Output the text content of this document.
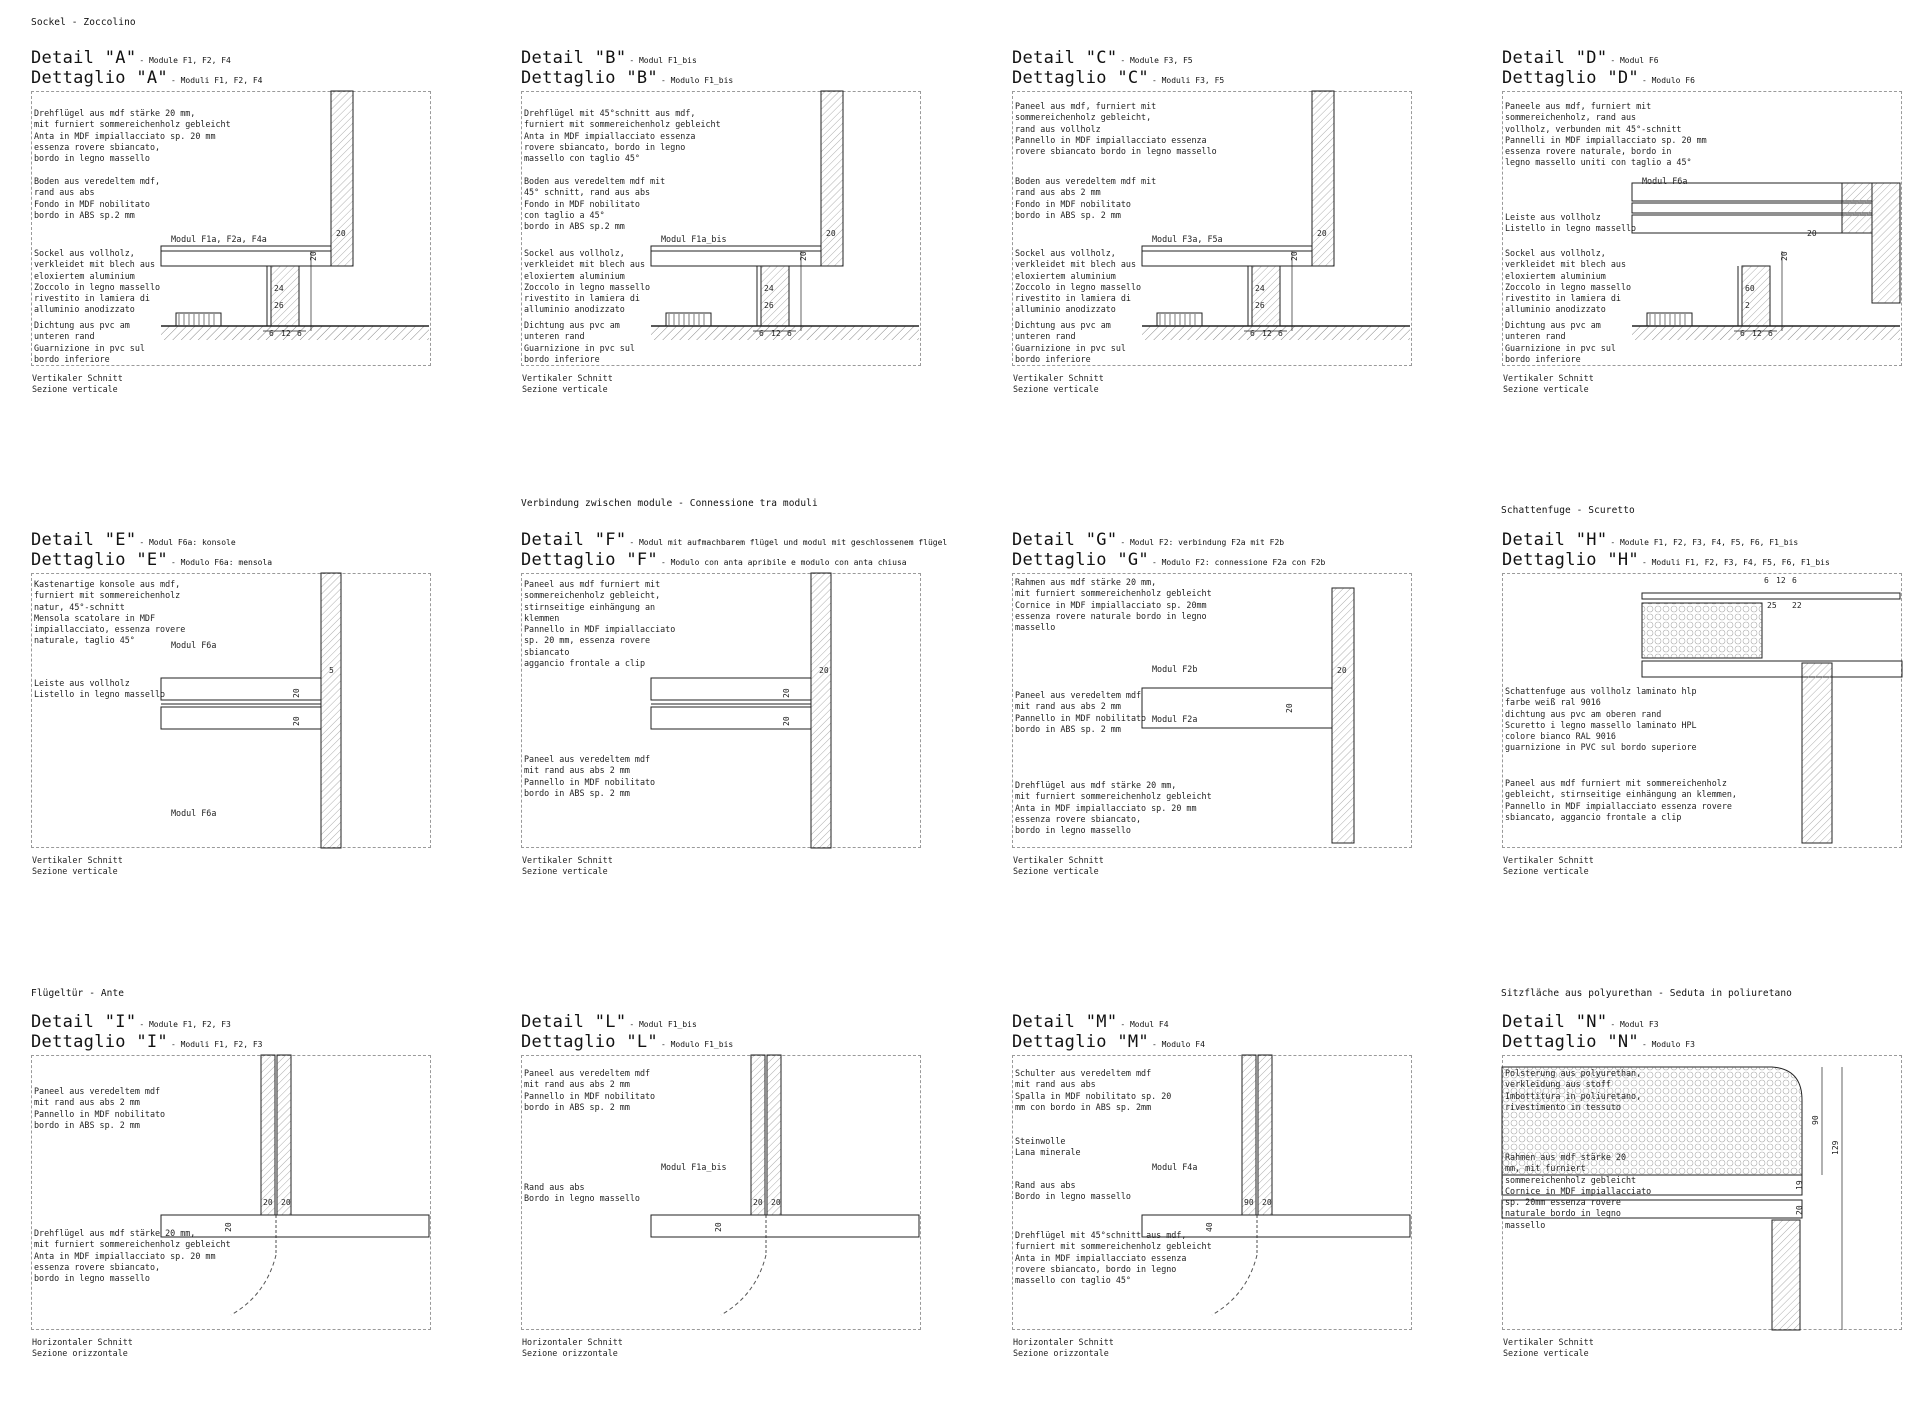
Sockel - Zoccolino
Verbindung zwischen module - Connessione tra moduli
Schattenfuge - Scuretto
Flügeltür - Ante	Sitzfläche aus polyurethan - Seduta in poliuretano
Detail "A" - Module F1, F2, F4
Dettaglio "A" - Moduli F1, F2, F4
20
20
24
26
6 12 6
Drehflügel aus mdf stärke 20 mm,
mit furniert sommereichenholz gebleicht
Anta in MDF impiallacciato sp. 20 mm
essenza rovere sbiancato,
bordo in legno massello
Boden aus veredeltem mdf,
rand aus abs
Fondo in MDF nobilitato
bordo in ABS sp.2 mm
Sockel aus vollholz,
verkleidet mit blech aus
eloxiertem aluminium
Zoccolo in legno massello
rivestito in lamiera di
alluminio anodizzato
Dichtung aus pvc am
unteren rand
Guarnizione in pvc sul
bordo inferiore
Modul F1a, F2a, F4a
Vertikaler Schnitt
Sezione verticale
Detail "B" - Modul F1_bis
Dettaglio "B" - Modulo F1_bis
20
20
24
26
6 12 6
Drehflügel mit 45°schnitt aus mdf,
furniert mit sommereichenholz gebleicht
Anta in MDF impiallacciato essenza
rovere sbiancato, bordo in legno
massello con taglio 45°
Boden aus veredeltem mdf mit
45° schnitt, rand aus abs
Fondo in MDF nobilitato
con taglio a 45°
bordo in ABS sp.2 mm
Sockel aus vollholz,
verkleidet mit blech aus
eloxiertem aluminium
Zoccolo in legno massello
rivestito in lamiera di
alluminio anodizzato
Dichtung aus pvc am
unteren rand
Guarnizione in pvc sul
bordo inferiore
Modul F1a_bis
Vertikaler Schnitt
Sezione verticale
Detail "C" - Module F3, F5
Dettaglio "C" - Moduli F3, F5
20
20
24
26
6 12 6
Paneel aus mdf, furniert mit
sommereichenholz gebleicht,
rand aus vollholz
Pannello in MDF impiallacciato essenza
rovere sbiancato bordo in legno massello
Boden aus veredeltem mdf mit
rand aus abs 2 mm
Fondo in MDF nobilitato
bordo in ABS sp. 2 mm
Sockel aus vollholz,
verkleidet mit blech aus
eloxiertem aluminium
Zoccolo in legno massello
rivestito in lamiera di
alluminio anodizzato
Dichtung aus pvc am
unteren rand
Guarnizione in pvc sul
bordo inferiore
Modul F3a, F5a
Vertikaler Schnitt
Sezione verticale
Detail "D" - Modul F6
Dettaglio "D" - Modulo F6
20
20
60
2
6 12 6
Paneele aus mdf, furniert mit
sommereichenholz, rand aus
vollholz, verbunden mit 45°-schnitt
Pannelli in MDF impiallacciato sp. 20 mm
essenza rovere naturale, bordo in
legno massello uniti con taglio a 45°
Leiste aus vollholz
Listello in legno massello
Sockel aus vollholz,
verkleidet mit blech aus
eloxiertem aluminium
Zoccolo in legno massello
rivestito in lamiera di
alluminio anodizzato
Dichtung aus pvc am
unteren rand
Guarnizione in pvc sul
bordo inferiore
Modul F6a
Vertikaler Schnitt
Sezione verticale
Detail "E" - Modul F6a: konsole
Dettaglio "E" - Modulo F6a: mensola
20
20
5
Kastenartige konsole aus mdf,
furniert mit sommereichenholz
natur, 45°-schnitt
Mensola scatolare in MDF
impiallacciato, essenza rovere
naturale, taglio 45°
Leiste aus vollholz
Listello in legno massello
Modul F6a
Modul F6a
Vertikaler Schnitt
Sezione verticale
Detail "F" - Modul mit aufmachbarem flügel und modul mit geschlossenem flügel
Dettaglio "F" - Modulo con anta apribile e modulo con anta chiusa
20
20
20
Paneel aus mdf furniert mit
sommereichenholz gebleicht,
stirnseitige einhängung an
klemmen
Pannello in MDF impiallacciato
sp. 20 mm, essenza rovere
sbiancato
aggancio frontale a clip
Paneel aus veredeltem mdf
mit rand aus abs 2 mm
Pannello in MDF nobilitato
bordo in ABS sp. 2 mm
Vertikaler Schnitt
Sezione verticale
Detail "G" - Modul F2: verbindung F2a mit F2b
Dettaglio "G" - Modulo F2: connessione F2a con F2b
20
20
Rahmen aus mdf stärke 20 mm,
mit furniert sommereichenholz gebleicht
Cornice in MDF impiallacciato sp. 20mm
essenza rovere naturale bordo in legno
massello
Paneel aus veredeltem mdf
mit rand aus abs 2 mm
Pannello in MDF nobilitato
bordo in ABS sp. 2 mm
Drehflügel aus mdf stärke 20 mm,
mit furniert sommereichenholz gebleicht
Anta in MDF impiallacciato sp. 20 mm
essenza rovere sbiancato,
bordo in legno massello
Modul F2b
Modul F2a
Vertikaler Schnitt
Sezione verticale
Detail "H" - Module F1, F2, F3, F4, F5, F6, F1_bis
Dettaglio "H" - Moduli F1, F2, F3, F4, F5, F6, F1_bis
6 12 6
25 22
Schattenfuge aus vollholz laminato hlp
farbe weiß ral 9016
dichtung aus pvc am oberen rand
Scuretto i legno massello laminato HPL
colore bianco RAL 9016
guarnizione in PVC sul bordo superiore
Paneel aus mdf furniert mit sommereichenholz
gebleicht, stirnseitige einhängung an klemmen,
Pannello in MDF impiallacciato essenza rovere
sbiancato, aggancio frontale a clip
Vertikaler Schnitt
Sezione verticale
Detail "I" - Module F1, F2, F3
Dettaglio "I" - Moduli F1, F2, F3
20 20
20
Paneel aus veredeltem mdf
mit rand aus abs 2 mm
Pannello in MDF nobilitato
bordo in ABS sp. 2 mm
Drehflügel aus mdf stärke 20 mm,
mit furniert sommereichenholz gebleicht
Anta in MDF impiallacciato sp. 20 mm
essenza rovere sbiancato,
bordo in legno massello
Horizontaler Schnitt
Sezione orizzontale
Detail "L" - Modul F1_bis
Dettaglio "L" - Modulo F1_bis
20 20
20
Paneel aus veredeltem mdf
mit rand aus abs 2 mm
Pannello in MDF nobilitato
bordo in ABS sp. 2 mm
Rand aus abs
Bordo in legno massello
Modul F1a_bis
Horizontaler Schnitt
Sezione orizzontale
Detail "M" - Modul F4
Dettaglio "M" - Modulo F4
90 20
40
Schulter aus veredeltem mdf
mit rand aus abs
Spalla in MDF nobilitato sp. 20
mm con bordo in ABS sp. 2mm
Steinwolle
Lana minerale
Rand aus abs
Bordo in legno massello
Drehflügel mit 45°schnitt aus mdf,
furniert mit sommereichenholz gebleicht
Anta in MDF impiallacciato essenza
rovere sbiancato, bordo in legno
massello con taglio 45°
Modul F4a
Horizontaler Schnitt
Sezione orizzontale
Detail "N" - Modul F3
Dettaglio "N" - Modulo F3
90
129
19
20
Polsterung aus polyurethan,
verkleidung aus stoff
Imbottitura in poliuretano,
rivestimento in tessuto
Rahmen aus mdf stärke 20
mm, mit furniert
sommereichenholz gebleicht
Cornice in MDF impiallacciato
sp. 20mm essenza rovere
naturale bordo in legno
massello
Vertikaler Schnitt
Sezione verticale
